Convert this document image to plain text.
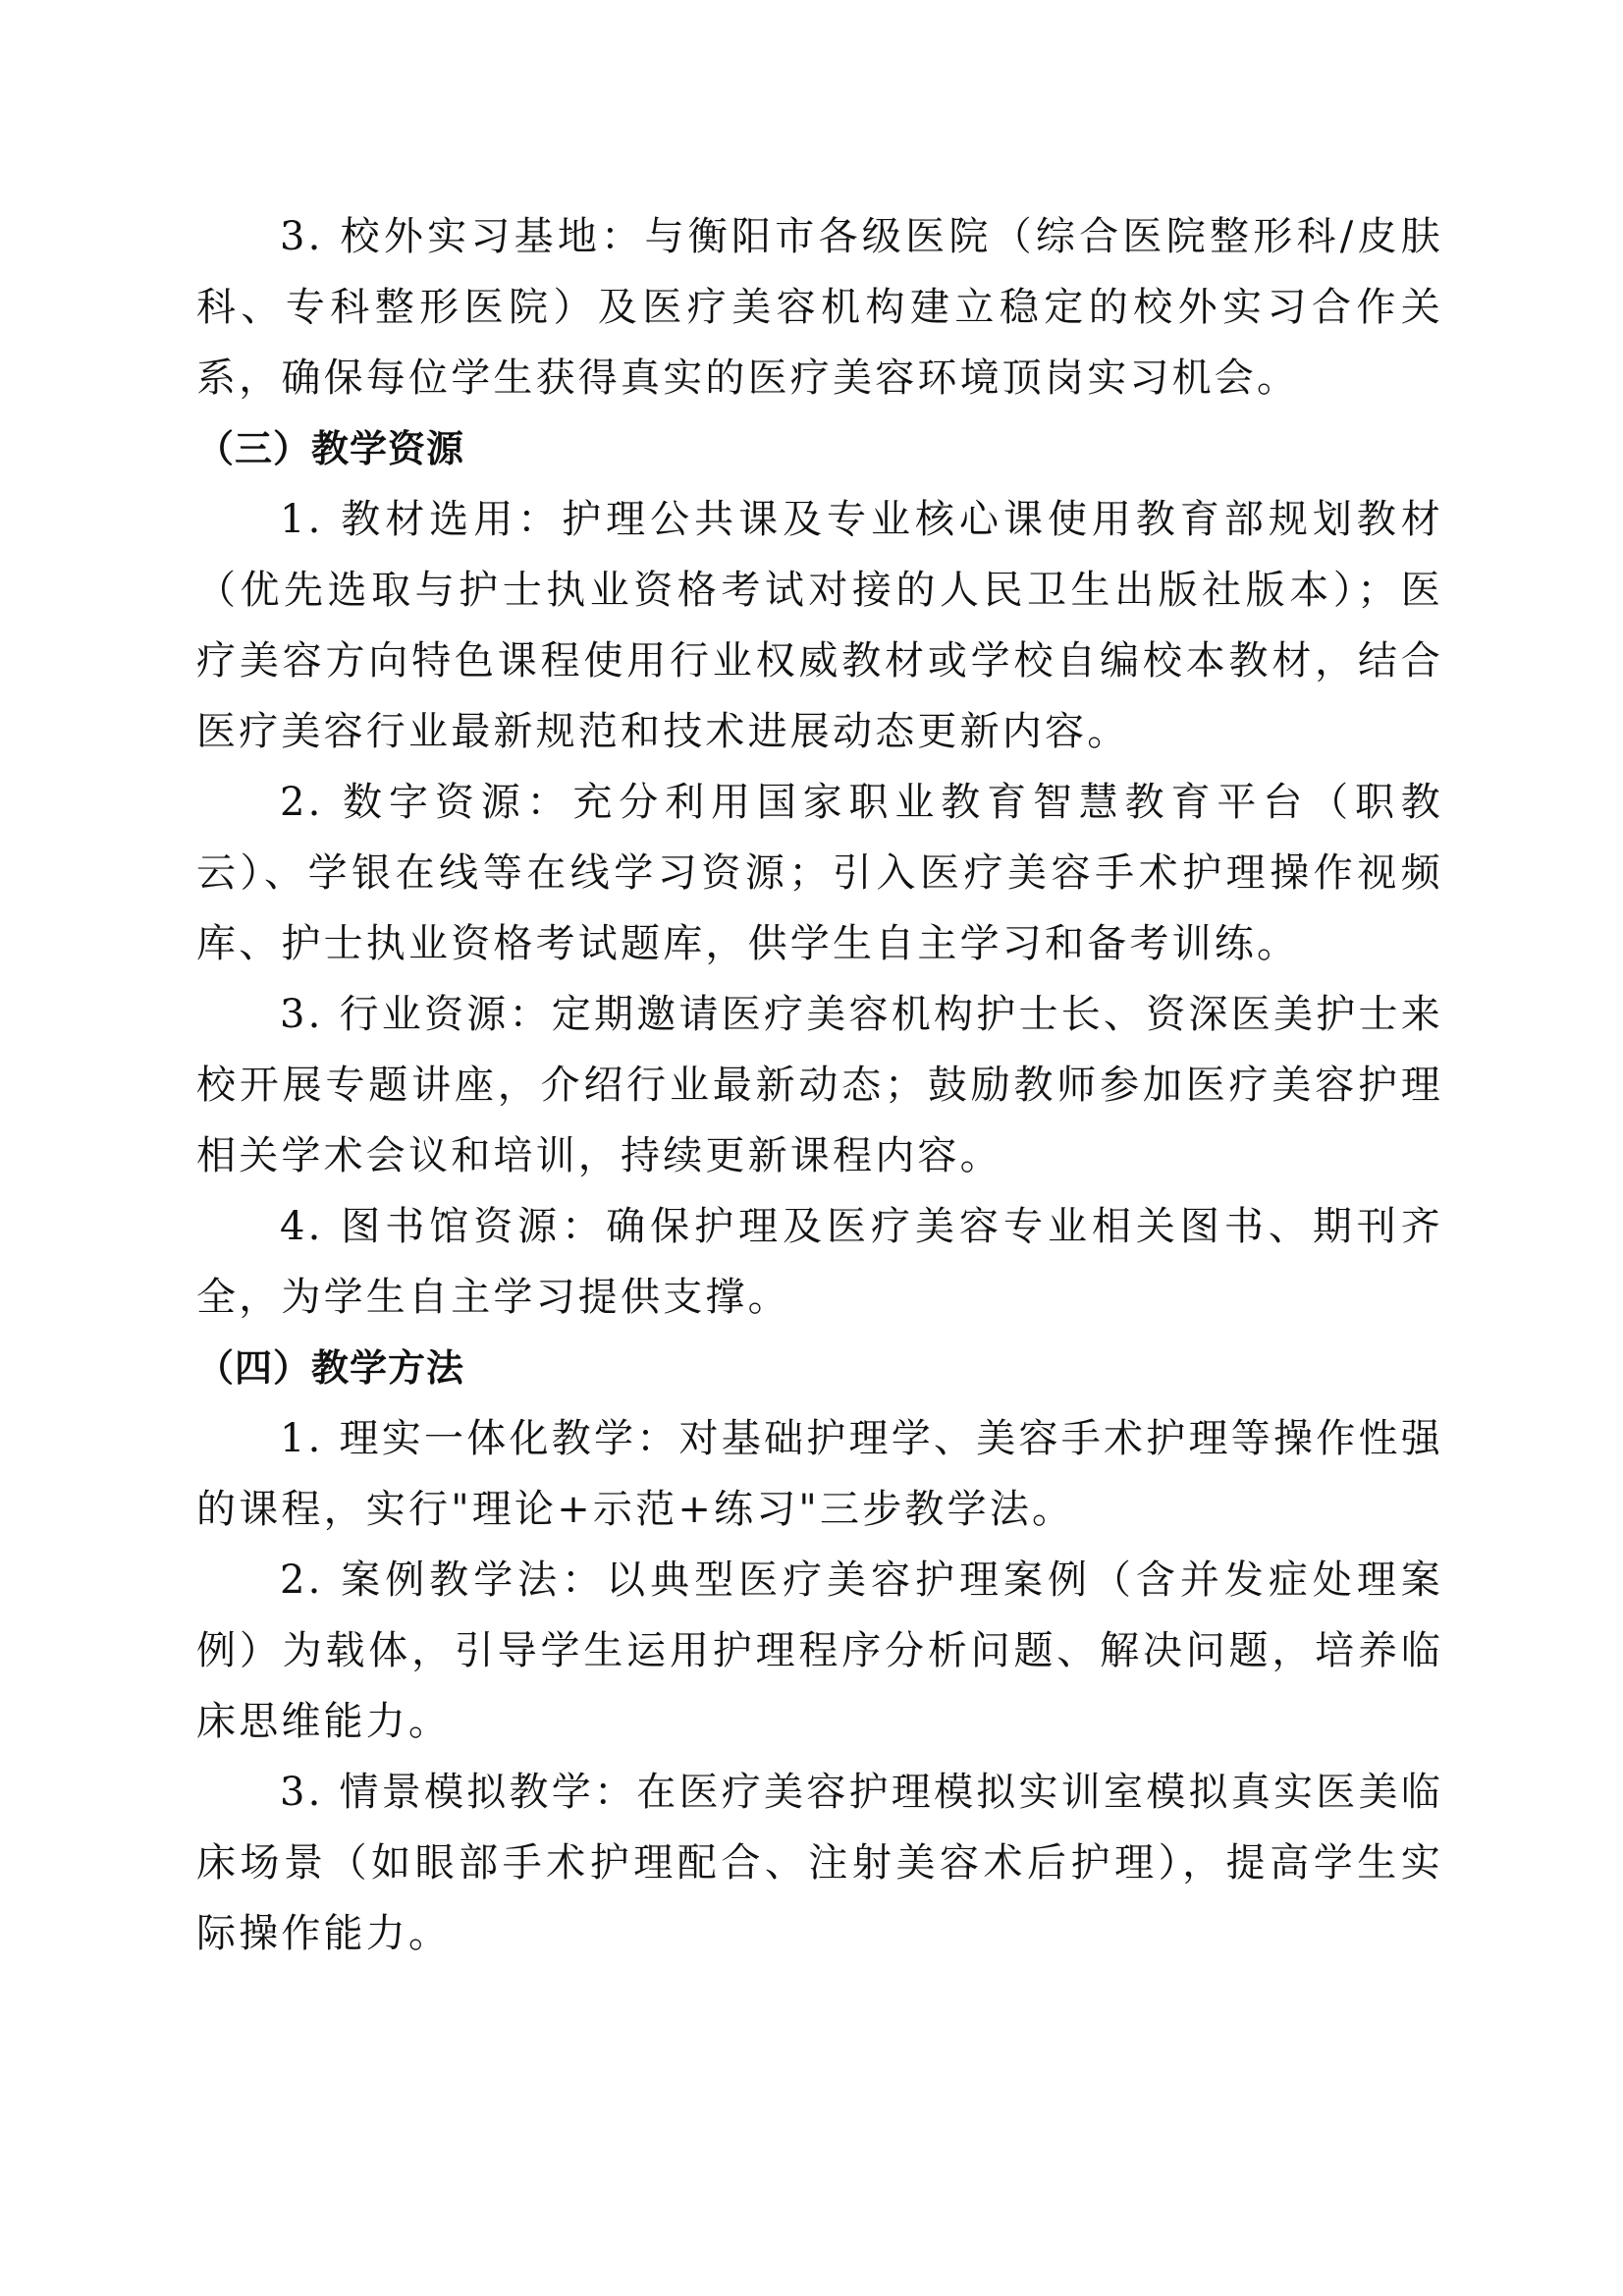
3. 校外实习基地：与衡阳市各级医院（综合医院整形科/皮肤科、专科整形医院）及医疗美容机构建立稳定的校外实习合作关系，确保每位学生获得真实的医疗美容环境顶岗实习机会。

（三）教学资源

1. 教材选用：护理公共课及专业核心课使用教育部规划教材（优先选取与护士执业资格考试对接的人民卫生出版社版本）；医疗美容方向特色课程使用行业权威教材或学校自编校本教材，结合医疗美容行业最新规范和技术进展动态更新内容。

2. 数字资源：充分利用国家职业教育智慧教育平台（职教云）、学银在线等在线学习资源；引入医疗美容手术护理操作视频库、护士执业资格考试题库，供学生自主学习和备考训练。

3. 行业资源：定期邀请医疗美容机构护士长、资深医美护士来校开展专题讲座，介绍行业最新动态；鼓励教师参加医疗美容护理相关学术会议和培训，持续更新课程内容。

4. 图书馆资源：确保护理及医疗美容专业相关图书、期刊齐全，为学生自主学习提供支撑。

（四）教学方法

1. 理实一体化教学：对基础护理学、美容手术护理等操作性强的课程，实行"理论+示范+练习"三步教学法。

2. 案例教学法：以典型医疗美容护理案例（含并发症处理案例）为载体，引导学生运用护理程序分析问题、解决问题，培养临床思维能力。

3. 情景模拟教学：在医疗美容护理模拟实训室模拟真实医美临床场景（如眼部手术护理配合、注射美容术后护理），提高学生实际操作能力。
